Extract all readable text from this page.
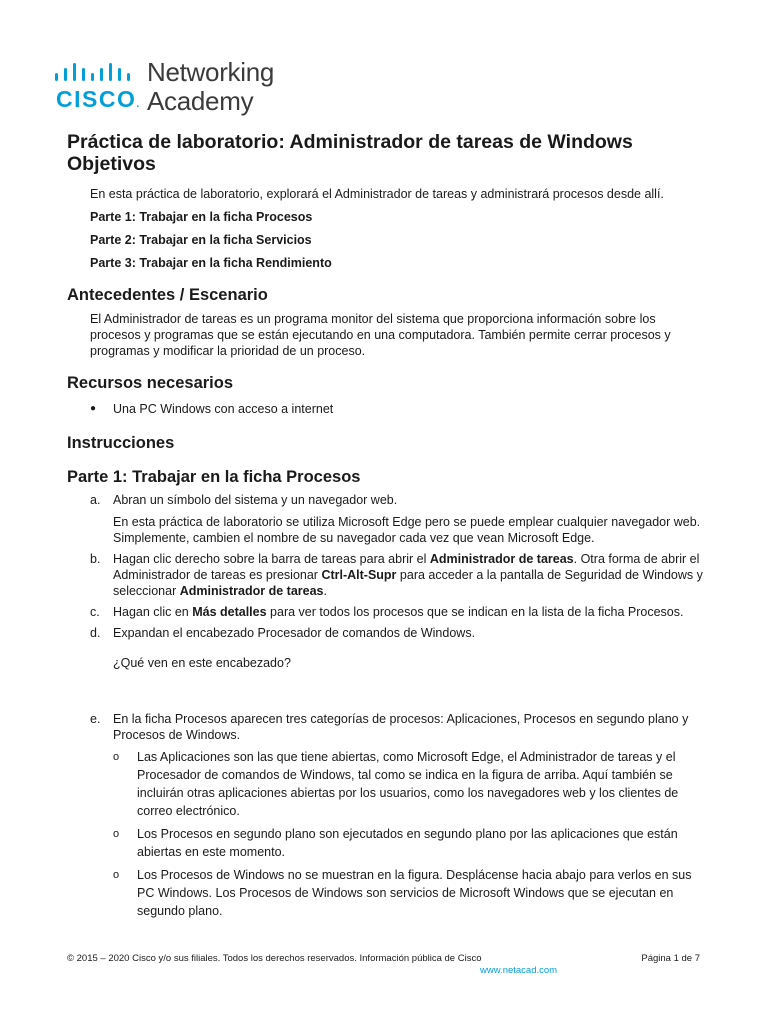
CISCO.
Networking
Academy
Práctica de laboratorio: Administrador de tareas de Windows
Objetivos

En esta práctica de laboratorio, explorará el Administrador de tareas y administrará procesos desde allí.

Parte 1: Trabajar en la ficha Procesos

Parte 2: Trabajar en la ficha Servicios

Parte 3: Trabajar en la ficha Rendimiento

Antecedentes / Escenario

El Administrador de tareas es un programa monitor del sistema que proporciona información sobre los procesos y programas que se están ejecutando en una computadora. También permite cerrar procesos y programas y modificar la prioridad de un proceso.

Recursos necesarios

● Una PC Windows con acceso a internet

Instrucciones
Parte 1: Trabajar en la ficha Procesos
a. Abran un símbolo del sistema y un navegador web.

En esta práctica de laboratorio se utiliza Microsoft Edge pero se puede emplear cualquier navegador web. Simplemente, cambien el nombre de su navegador cada vez que vean Microsoft Edge.

b. Hagan clic derecho sobre la barra de tareas para abrir el Administrador de tareas. Otra forma de abrir el Administrador de tareas es presionar Ctrl-Alt-Supr para acceder a la pantalla de Seguridad de Windows y seleccionar Administrador de tareas.

c. Hagan clic en Más detalles para ver todos los procesos que se indican en la lista de la ficha Procesos.

d. Expandan el encabezado Procesador de comandos de Windows.

¿Qué ven en este encabezado?

e. En la ficha Procesos aparecen tres categorías de procesos: Aplicaciones, Procesos en segundo plano y Procesos de Windows.

o Las Aplicaciones son las que tiene abiertas, como Microsoft Edge, el Administrador de tareas y el Procesador de comandos de Windows, tal como se indica en la figura de arriba. Aquí también se incluirán otras aplicaciones abiertas por los usuarios, como los navegadores web y los clientes de correo electrónico.
o Los Procesos en segundo plano son ejecutados en segundo plano por las aplicaciones que están abiertas en este momento.
o Los Procesos de Windows no se muestran en la figura. Desplácense hacia abajo para verlos en sus PC Windows. Los Procesos de Windows son servicios de Microsoft Windows que se ejecutan en segundo plano.
© 2015 – 2020 Cisco y/o sus filiales. Todos los derechos reservados. Información pública de Cisco	Página 1 de 7
www.netacad.com
